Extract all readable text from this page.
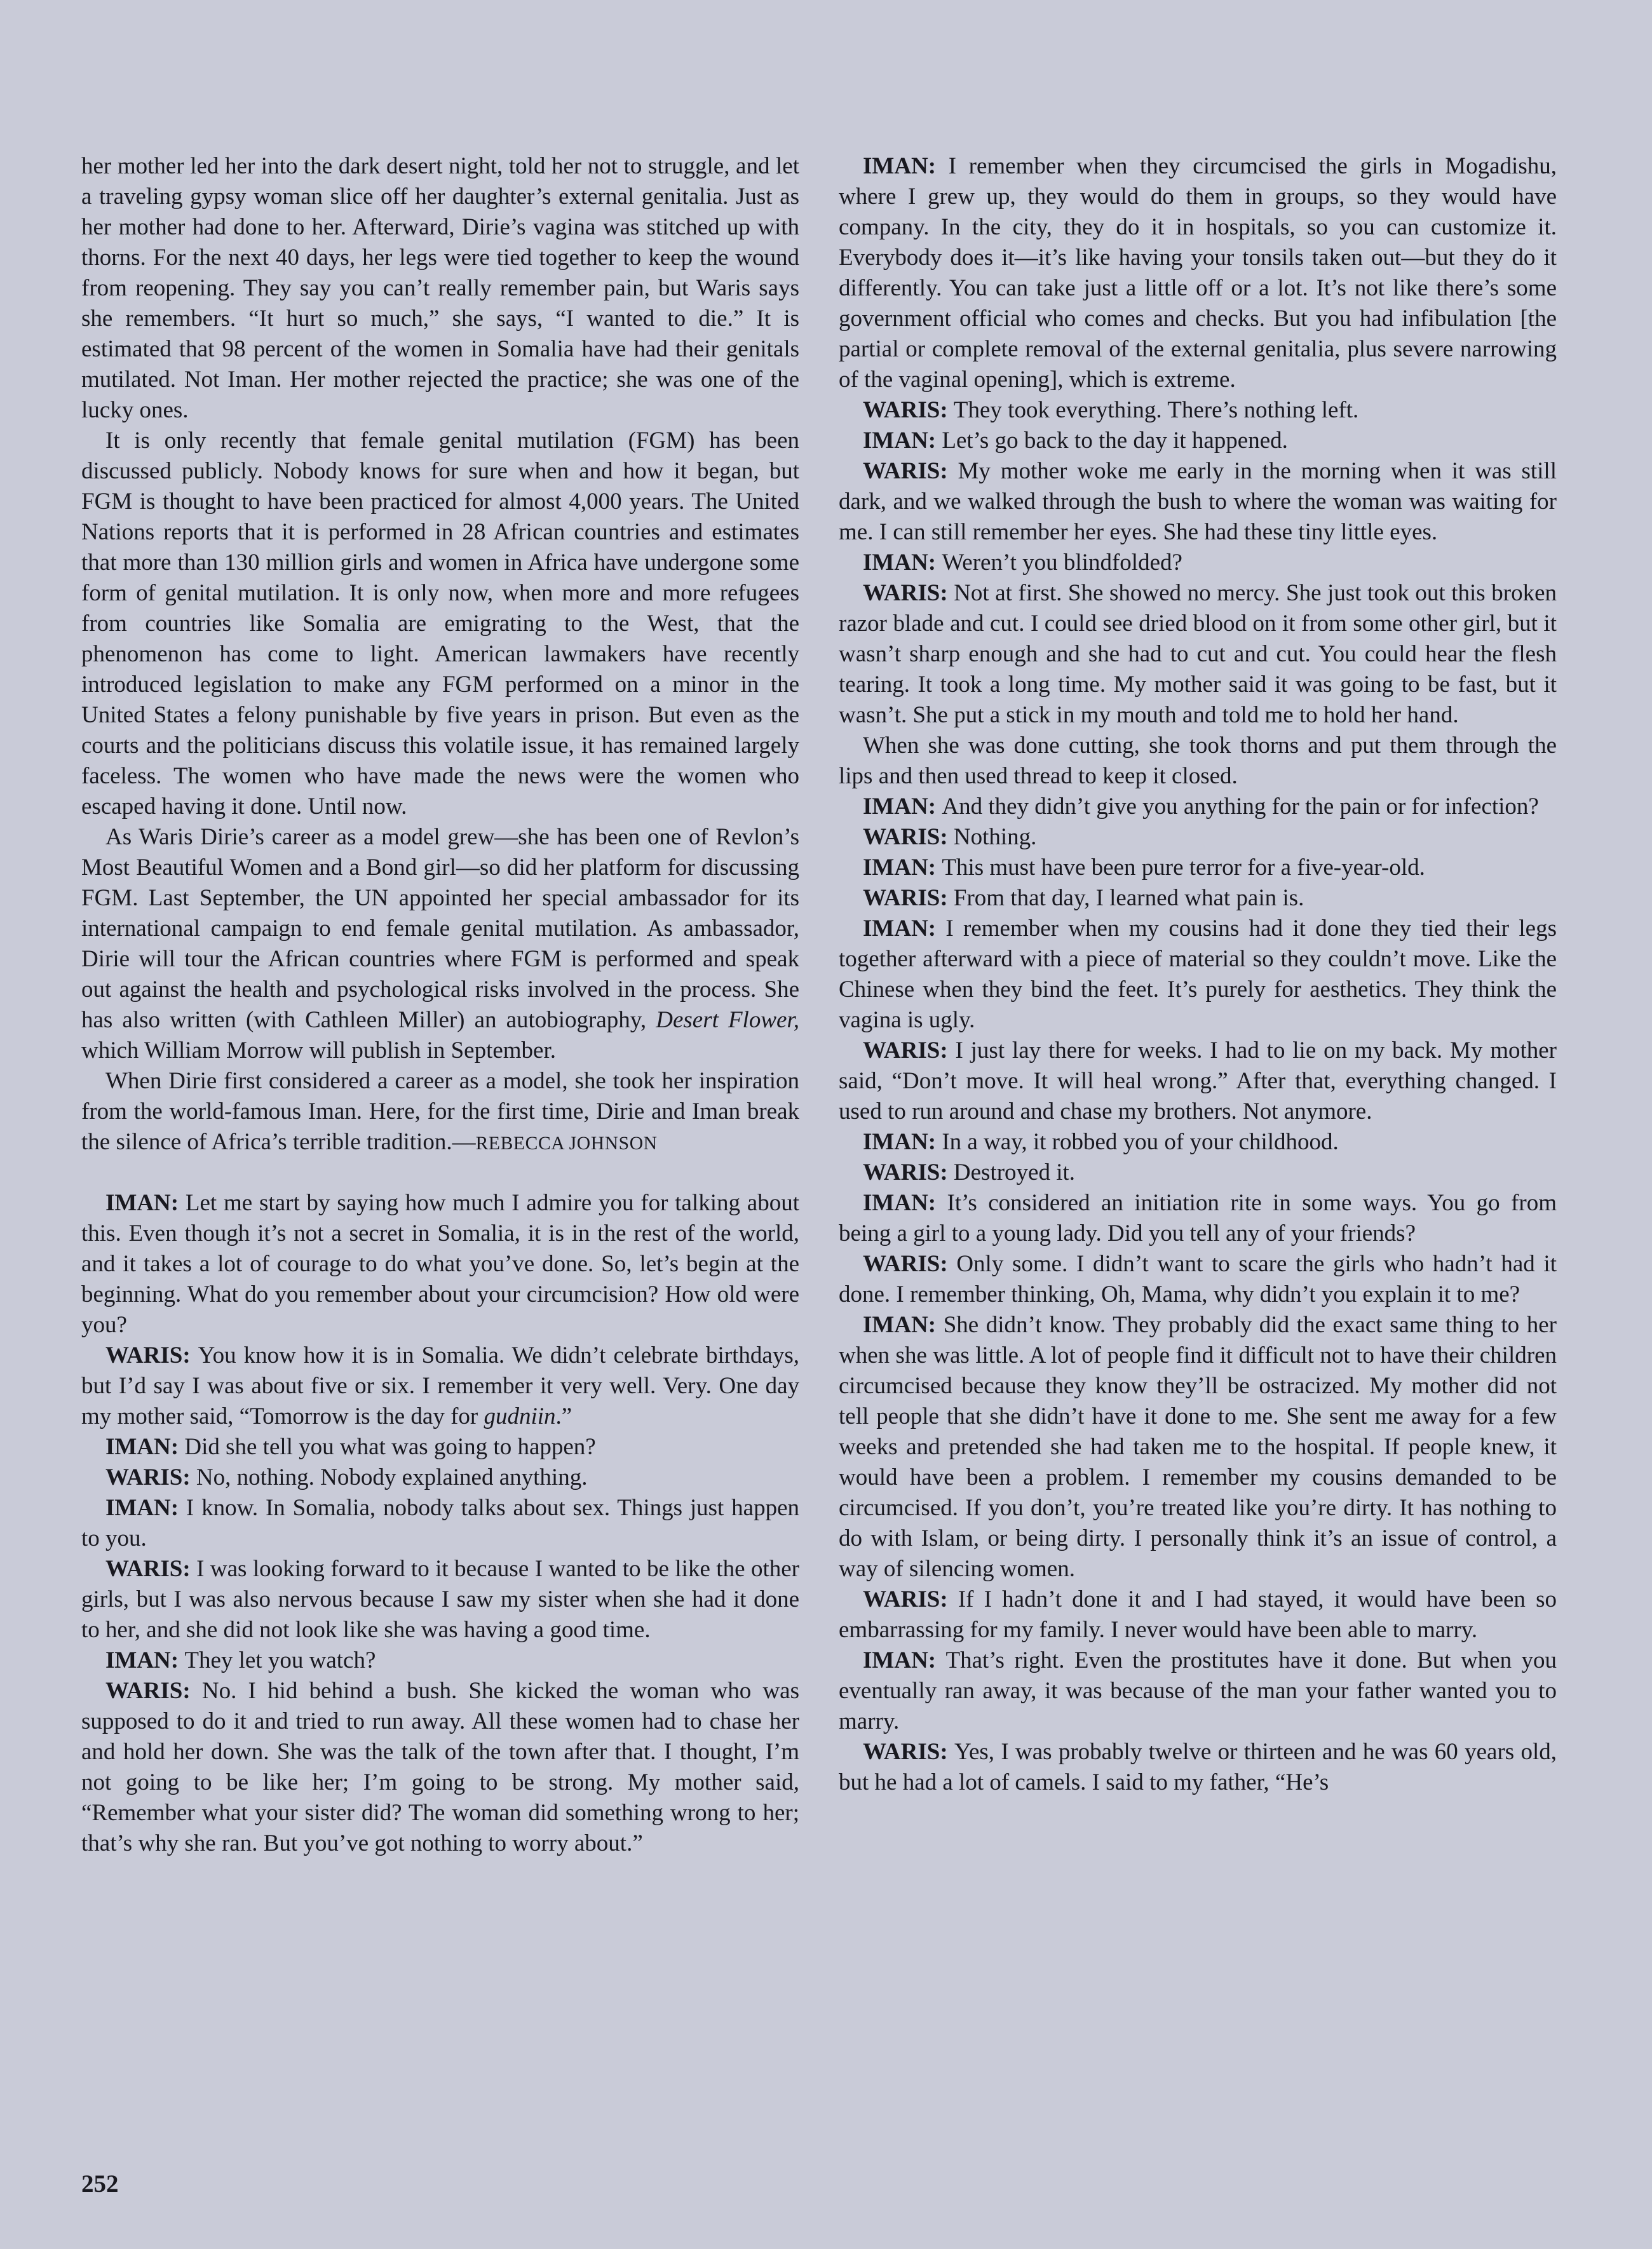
her mother led her into the dark desert night, told her not to struggle, and let a traveling gypsy woman slice off her daughter’s external genitalia. Just as her mother had done to her. Afterward, Dirie’s vagina was stitched up with thorns. For the next 40 days, her legs were tied together to keep the wound from reopening. They say you can’t really remember pain, but Waris says she remembers. “It hurt so much,” she says, “I wanted to die.” It is estimated that 98 percent of the women in Somalia have had their genitals mutilated. Not Iman. Her mother rejected the practice; she was one of the lucky ones.

It is only recently that female genital mutilation (FGM) has been discussed publicly. Nobody knows for sure when and how it began, but FGM is thought to have been practiced for almost 4,000 years. The United Nations reports that it is performed in 28 African countries and estimates that more than 130 million girls and women in Africa have undergone some form of genital mutilation. It is only now, when more and more refugees from countries like Somalia are emigrating to the West, that the phenomenon has come to light. American lawmakers have recently introduced legislation to make any FGM performed on a minor in the United States a felony punishable by five years in prison. But even as the courts and the politicians discuss this volatile issue, it has remained largely faceless. The women who have made the news were the women who escaped having it done. Until now.

As Waris Dirie’s career as a model grew—she has been one of Revlon’s Most Beautiful Women and a Bond girl—so did her platform for discussing FGM. Last September, the UN appointed her special ambassador for its international campaign to end female genital mutilation. As ambassador, Dirie will tour the African countries where FGM is performed and speak out against the health and psychological risks involved in the process. She has also written (with Cathleen Miller) an autobiography, Desert Flower, which William Morrow will publish in September.

When Dirie first considered a career as a model, she took her inspiration from the world-famous Iman. Here, for the first time, Dirie and Iman break the silence of Africa’s terrible tradition.—REBECCA JOHNSON

IMAN: Let me start by saying how much I admire you for talking about this. Even though it’s not a secret in Somalia, it is in the rest of the world, and it takes a lot of courage to do what you’ve done. So, let’s begin at the beginning. What do you remember about your circumcision? How old were you?

WARIS: You know how it is in Somalia. We didn’t celebrate birthdays, but I’d say I was about five or six. I remember it very well. Very. One day my mother said, “Tomorrow is the day for gudniin.”

IMAN: Did she tell you what was going to happen?

WARIS: No, nothing. Nobody explained anything.

IMAN: I know. In Somalia, nobody talks about sex. Things just happen to you.

WARIS: I was looking forward to it because I wanted to be like the other girls, but I was also nervous because I saw my sister when she had it done to her, and she did not look like she was having a good time.

IMAN: They let you watch?

WARIS: No. I hid behind a bush. She kicked the woman who was supposed to do it and tried to run away. All these women had to chase her and hold her down. She was the talk of the town after that. I thought, I’m not going to be like her; I’m going to be strong. My mother said, “Remember what your sister did? The woman did something wrong to her; that’s why she ran. But you’ve got nothing to worry about.”

IMAN: I remember when they circumcised the girls in Mogadishu, where I grew up, they would do them in groups, so they would have company. In the city, they do it in hospitals, so you can customize it. Everybody does it—it’s like having your tonsils taken out—but they do it differently. You can take just a little off or a lot. It’s not like there’s some government official who comes and checks. But you had infibulation [the partial or complete removal of the external genitalia, plus severe narrowing of the vaginal opening], which is extreme.

WARIS: They took everything. There’s nothing left.

IMAN: Let’s go back to the day it happened.

WARIS: My mother woke me early in the morning when it was still dark, and we walked through the bush to where the woman was waiting for me. I can still remember her eyes. She had these tiny little eyes.

IMAN: Weren’t you blindfolded?

WARIS: Not at first. She showed no mercy. She just took out this broken razor blade and cut. I could see dried blood on it from some other girl, but it wasn’t sharp enough and she had to cut and cut. You could hear the flesh tearing. It took a long time. My mother said it was going to be fast, but it wasn’t. She put a stick in my mouth and told me to hold her hand.

When she was done cutting, she took thorns and put them through the lips and then used thread to keep it closed.

IMAN: And they didn’t give you anything for the pain or for infection?

WARIS: Nothing.

IMAN: This must have been pure terror for a five-year-old.

WARIS: From that day, I learned what pain is.

IMAN: I remember when my cousins had it done they tied their legs together afterward with a piece of material so they couldn’t move. Like the Chinese when they bind the feet. It’s purely for aesthetics. They think the vagina is ugly.

WARIS: I just lay there for weeks. I had to lie on my back. My mother said, “Don’t move. It will heal wrong.” After that, everything changed. I used to run around and chase my brothers. Not anymore.

IMAN: In a way, it robbed you of your childhood.

WARIS: Destroyed it.

IMAN: It’s considered an initiation rite in some ways. You go from being a girl to a young lady. Did you tell any of your friends?

WARIS: Only some. I didn’t want to scare the girls who hadn’t had it done. I remember thinking, Oh, Mama, why didn’t you explain it to me?

IMAN: She didn’t know. They probably did the exact same thing to her when she was little. A lot of people find it difficult not to have their children circumcised because they know they’ll be ostracized. My mother did not tell people that she didn’t have it done to me. She sent me away for a few weeks and pretended she had taken me to the hospital. If people knew, it would have been a problem. I remember my cousins demanded to be circumcised. If you don’t, you’re treated like you’re dirty. It has nothing to do with Islam, or being dirty. I personally think it’s an issue of control, a way of silencing women.

WARIS: If I hadn’t done it and I had stayed, it would have been so embarrassing for my family. I never would have been able to marry.

IMAN: That’s right. Even the prostitutes have it done. But when you eventually ran away, it was because of the man your father wanted you to marry.

WARIS: Yes, I was probably twelve or thirteen and he was 60 years old, but he had a lot of camels. I said to my father, “He’s

252
